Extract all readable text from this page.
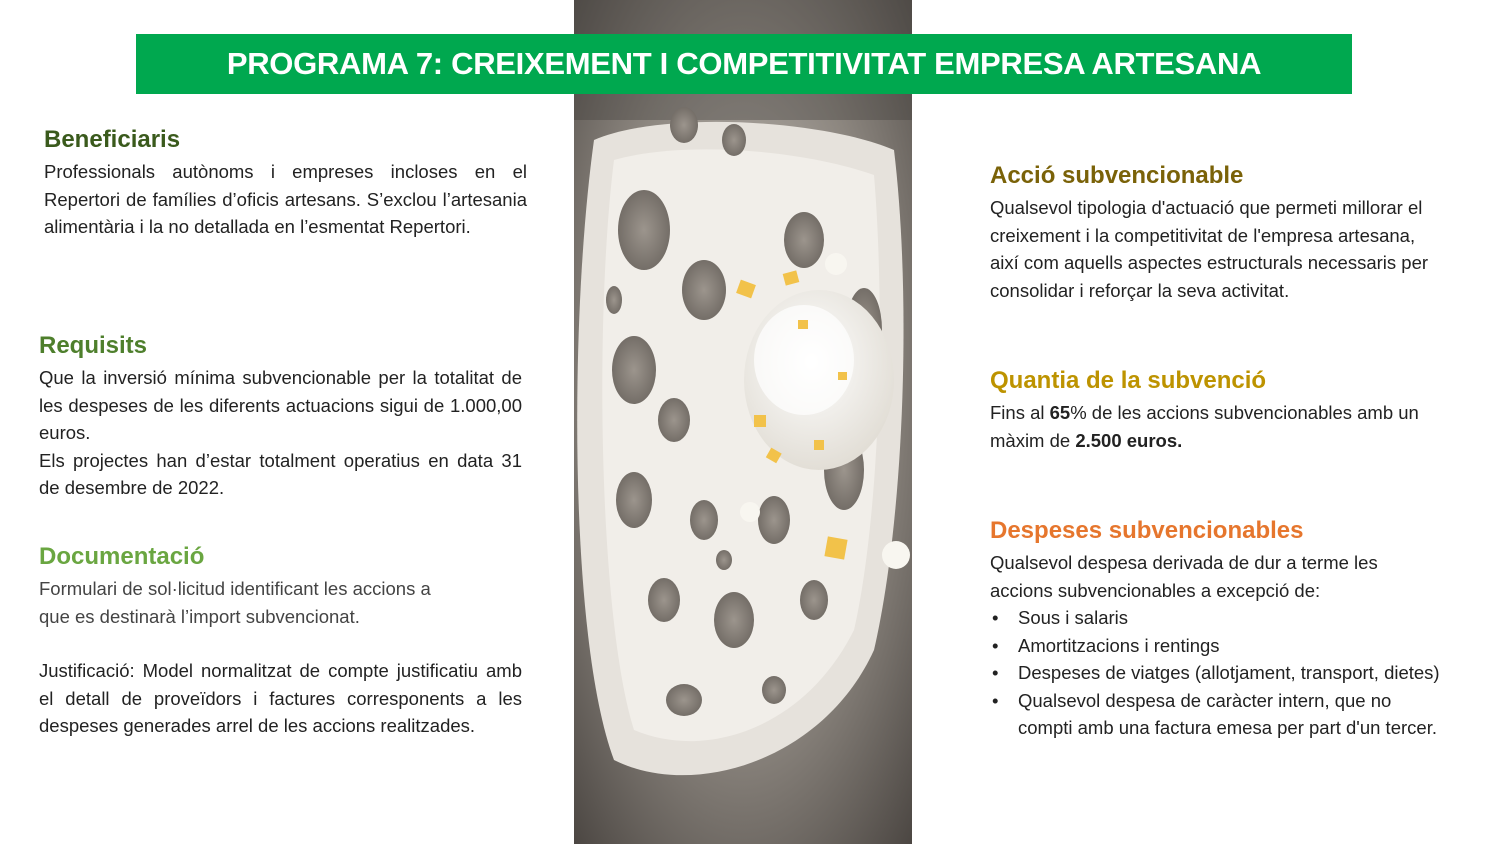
PROGRAMA 7: CREIXEMENT I COMPETITIVITAT EMPRESA ARTESANA
Beneficiaris

Professionals autònoms i empreses incloses en el Repertori de famílies d’oficis artesans. S’exclou l’artesania alimentària i la no detallada en l’esmentat Repertori.

Requisits

Que la inversió mínima subvencionable per la totalitat de les despeses de les diferents actuacions sigui de 1.000,00 euros.

Els projectes han d’estar totalment operatius en data 31 de desembre de 2022.

Documentació

Formulari de sol·licitud identificant les accions a

que es destinarà l’import subvencionat.

Justificació: Model normalitzat de compte justificatiu amb el detall de proveïdors i factures corresponents a les despeses generades arrel de les accions realitzades.

Acció subvencionable

Qualsevol tipologia d'actuació que permeti millorar el creixement i la competitivitat de l'empresa artesana, així com aquells aspectes estructurals necessaris per consolidar i reforçar la seva activitat.

Quantia de la subvenció

Fins al 65% de les accions subvencionables amb un màxim de 2.500 euros.

Despeses subvencionables

Qualsevol despesa derivada de dur a terme les accions subvencionables a excepció de:

• Sous i salaris
• Amortitzacions i rentings
• Despeses de viatges (allotjament, transport, dietes)
• Qualsevol despesa de caràcter intern, que no compti amb una factura emesa per part d'un tercer.
